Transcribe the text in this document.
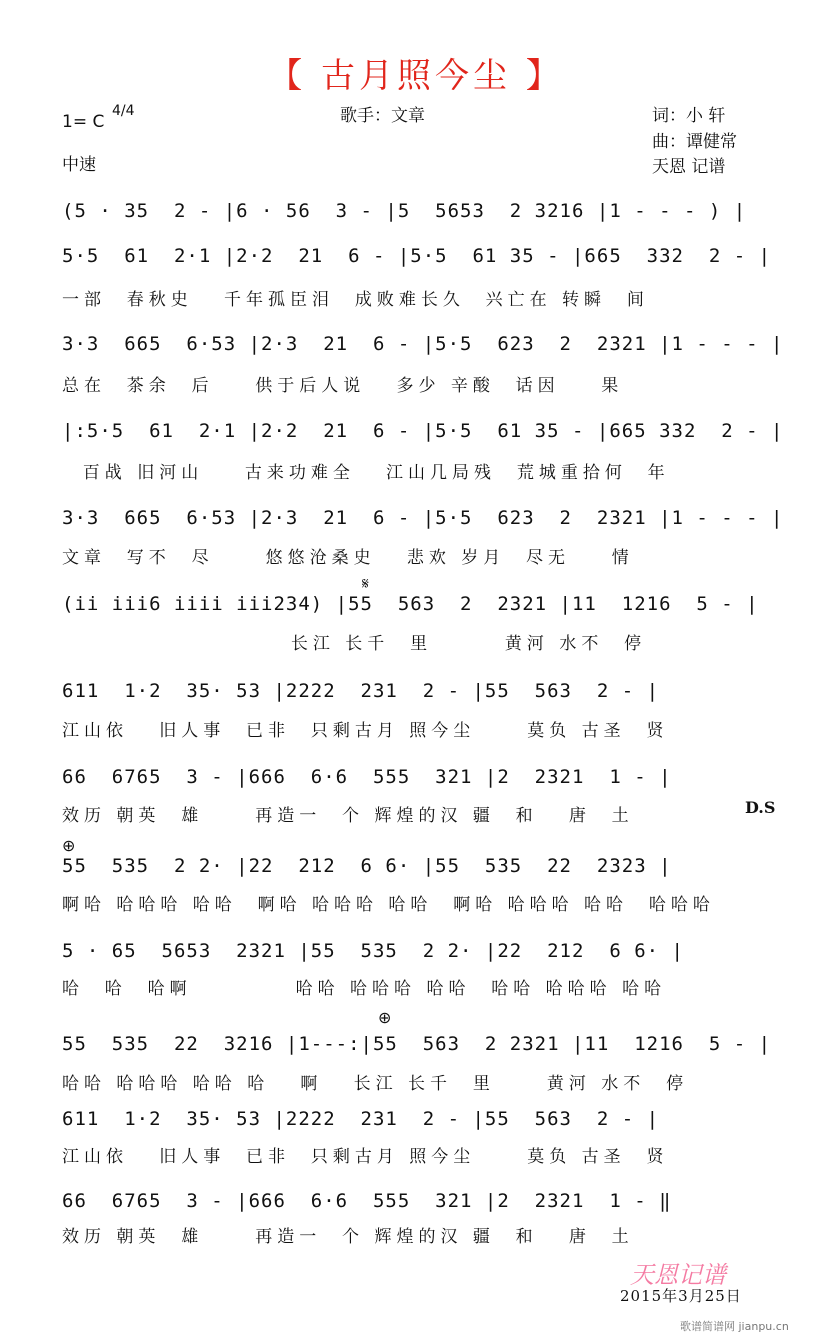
【 古月照今尘 】
歌手：文章
1= C
4/4
中速
词：小 轩
曲：谭健常
天恩 记谱
(5 · 35  2 - |6 · 56  3 - |5  5653  2 3216 |1 - - - ) |
5·5  61  2·1 |2·2  21  6 - |5·5  61 35 - |665  332  2 - |
一部  春秋史   千年孤臣泪  成败难长久  兴亡在 转瞬  间
3·3  665  6·53 |2·3  21  6 - |5·5  623  2  2321 |1 - - - |
总在  茶余  后    供于后人说   多少 辛酸  话因    果
|:5·5  61  2·1 |2·2  21  6 - |5·5  61 35 - |665 332  2 - |
百战 旧河山    古来功难全   江山几局残  荒城重拾何  年
3·3  665  6·53 |2·3  21  6 - |5·5  623  2  2321 |1 - - - |
文章  写不  尽     悠悠沧桑史   悲欢 岁月  尽无    情
𝄋
(ii iii6 iiii iii234) |55  563  2  2321 |11  1216  5 - |
长江 长千  里       黄河 水不  停
611  1·2  35· 53 |2222  231  2 - |55  563  2 - |
江山依   旧人事  已非  只剩古月 照今尘     莫负 古圣  贤
66  6765  3 - |666  6·6  555  321 |2  2321  1 - |
效历 朝英  雄     再造一  个 辉煌的汉 疆  和   唐  土	D.S
⊕
55  535  2 2· |22  212  6 6· |55  535  22  2323 |
啊哈 哈哈哈 哈哈  啊哈 哈哈哈 哈哈  啊哈 哈哈哈 哈哈  哈哈哈
5 · 65  5653  2321 |55  535  2 2· |22  212  6 6· |
哈  哈  哈啊          哈哈 哈哈哈 哈哈  哈哈 哈哈哈 哈哈
⊕
55  535  22  3216 |1---:|55  563  2 2321 |11  1216  5 - |
哈哈 哈哈哈 哈哈 哈   啊   长江 长千  里     黄河 水不  停
611  1·2  35· 53 |2222  231  2 - |55  563  2 - |
江山依   旧人事  已非  只剩古月 照今尘     莫负 古圣  贤
66  6765  3 - |666  6·6  555  321 |2  2321  1 - ‖
效历 朝英  雄     再造一  个 辉煌的汉 疆  和   唐  土
天恩记谱
2015年3月25日
歌谱简谱网 jianpu.cn
